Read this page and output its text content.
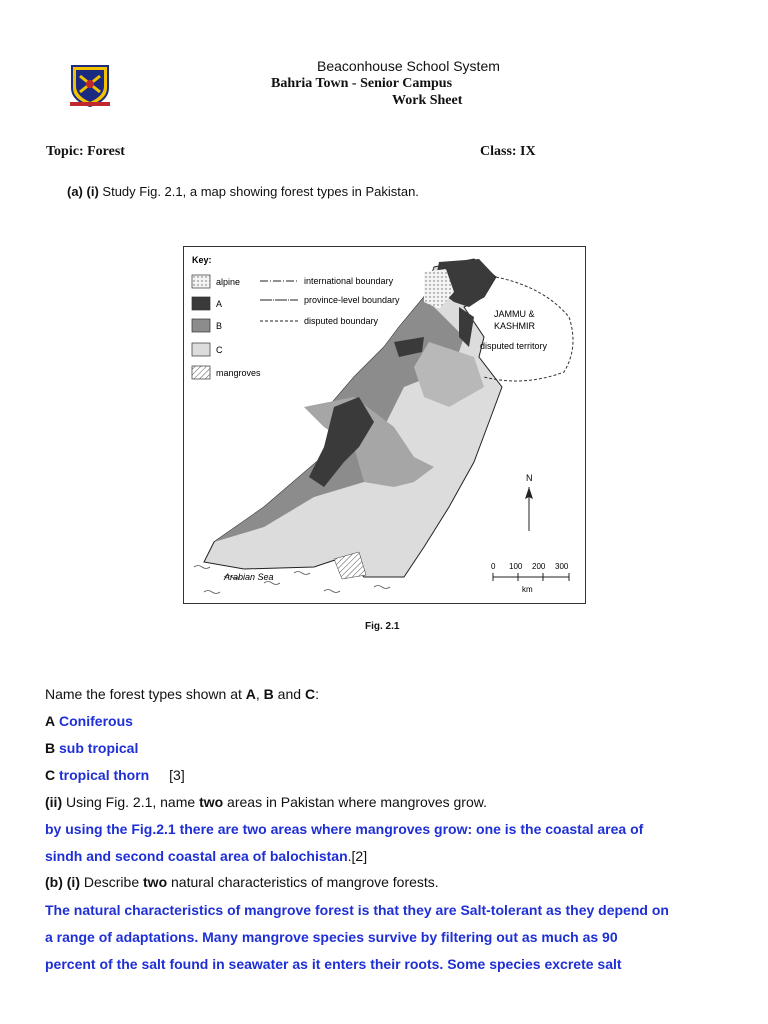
Beaconhouse School System
Bahria Town - Senior Campus
Work Sheet
Topic: Forest	Class: IX
(a) (i) Study Fig. 2.1, a map showing forest types in Pakistan.
Key:
alpine
A
B
C
mangroves
international boundary
province-level boundary
disputed boundary
JAMMU &
KASHMIR
disputed territory
Arabian Sea
N
0 100 200 300
km
Fig. 2.1
Name the forest types shown at A, B and C:
A Coniferous
B sub tropical
C tropical thorn [3]
(ii) Using Fig. 2.1, name two areas in Pakistan where mangroves grow.
by using the Fig.2.1 there are two areas where mangroves grow: one is the coastal area of
sindh and second coastal area of balochistan.[2]
(b) (i) Describe two natural characteristics of mangrove forests.
The natural characteristics of mangrove forest is that they are Salt-tolerant as they depend on
a range of adaptations. Many mangrove species survive by filtering out as much as 90
percent of the salt found in seawater as it enters their roots. Some species excrete salt
